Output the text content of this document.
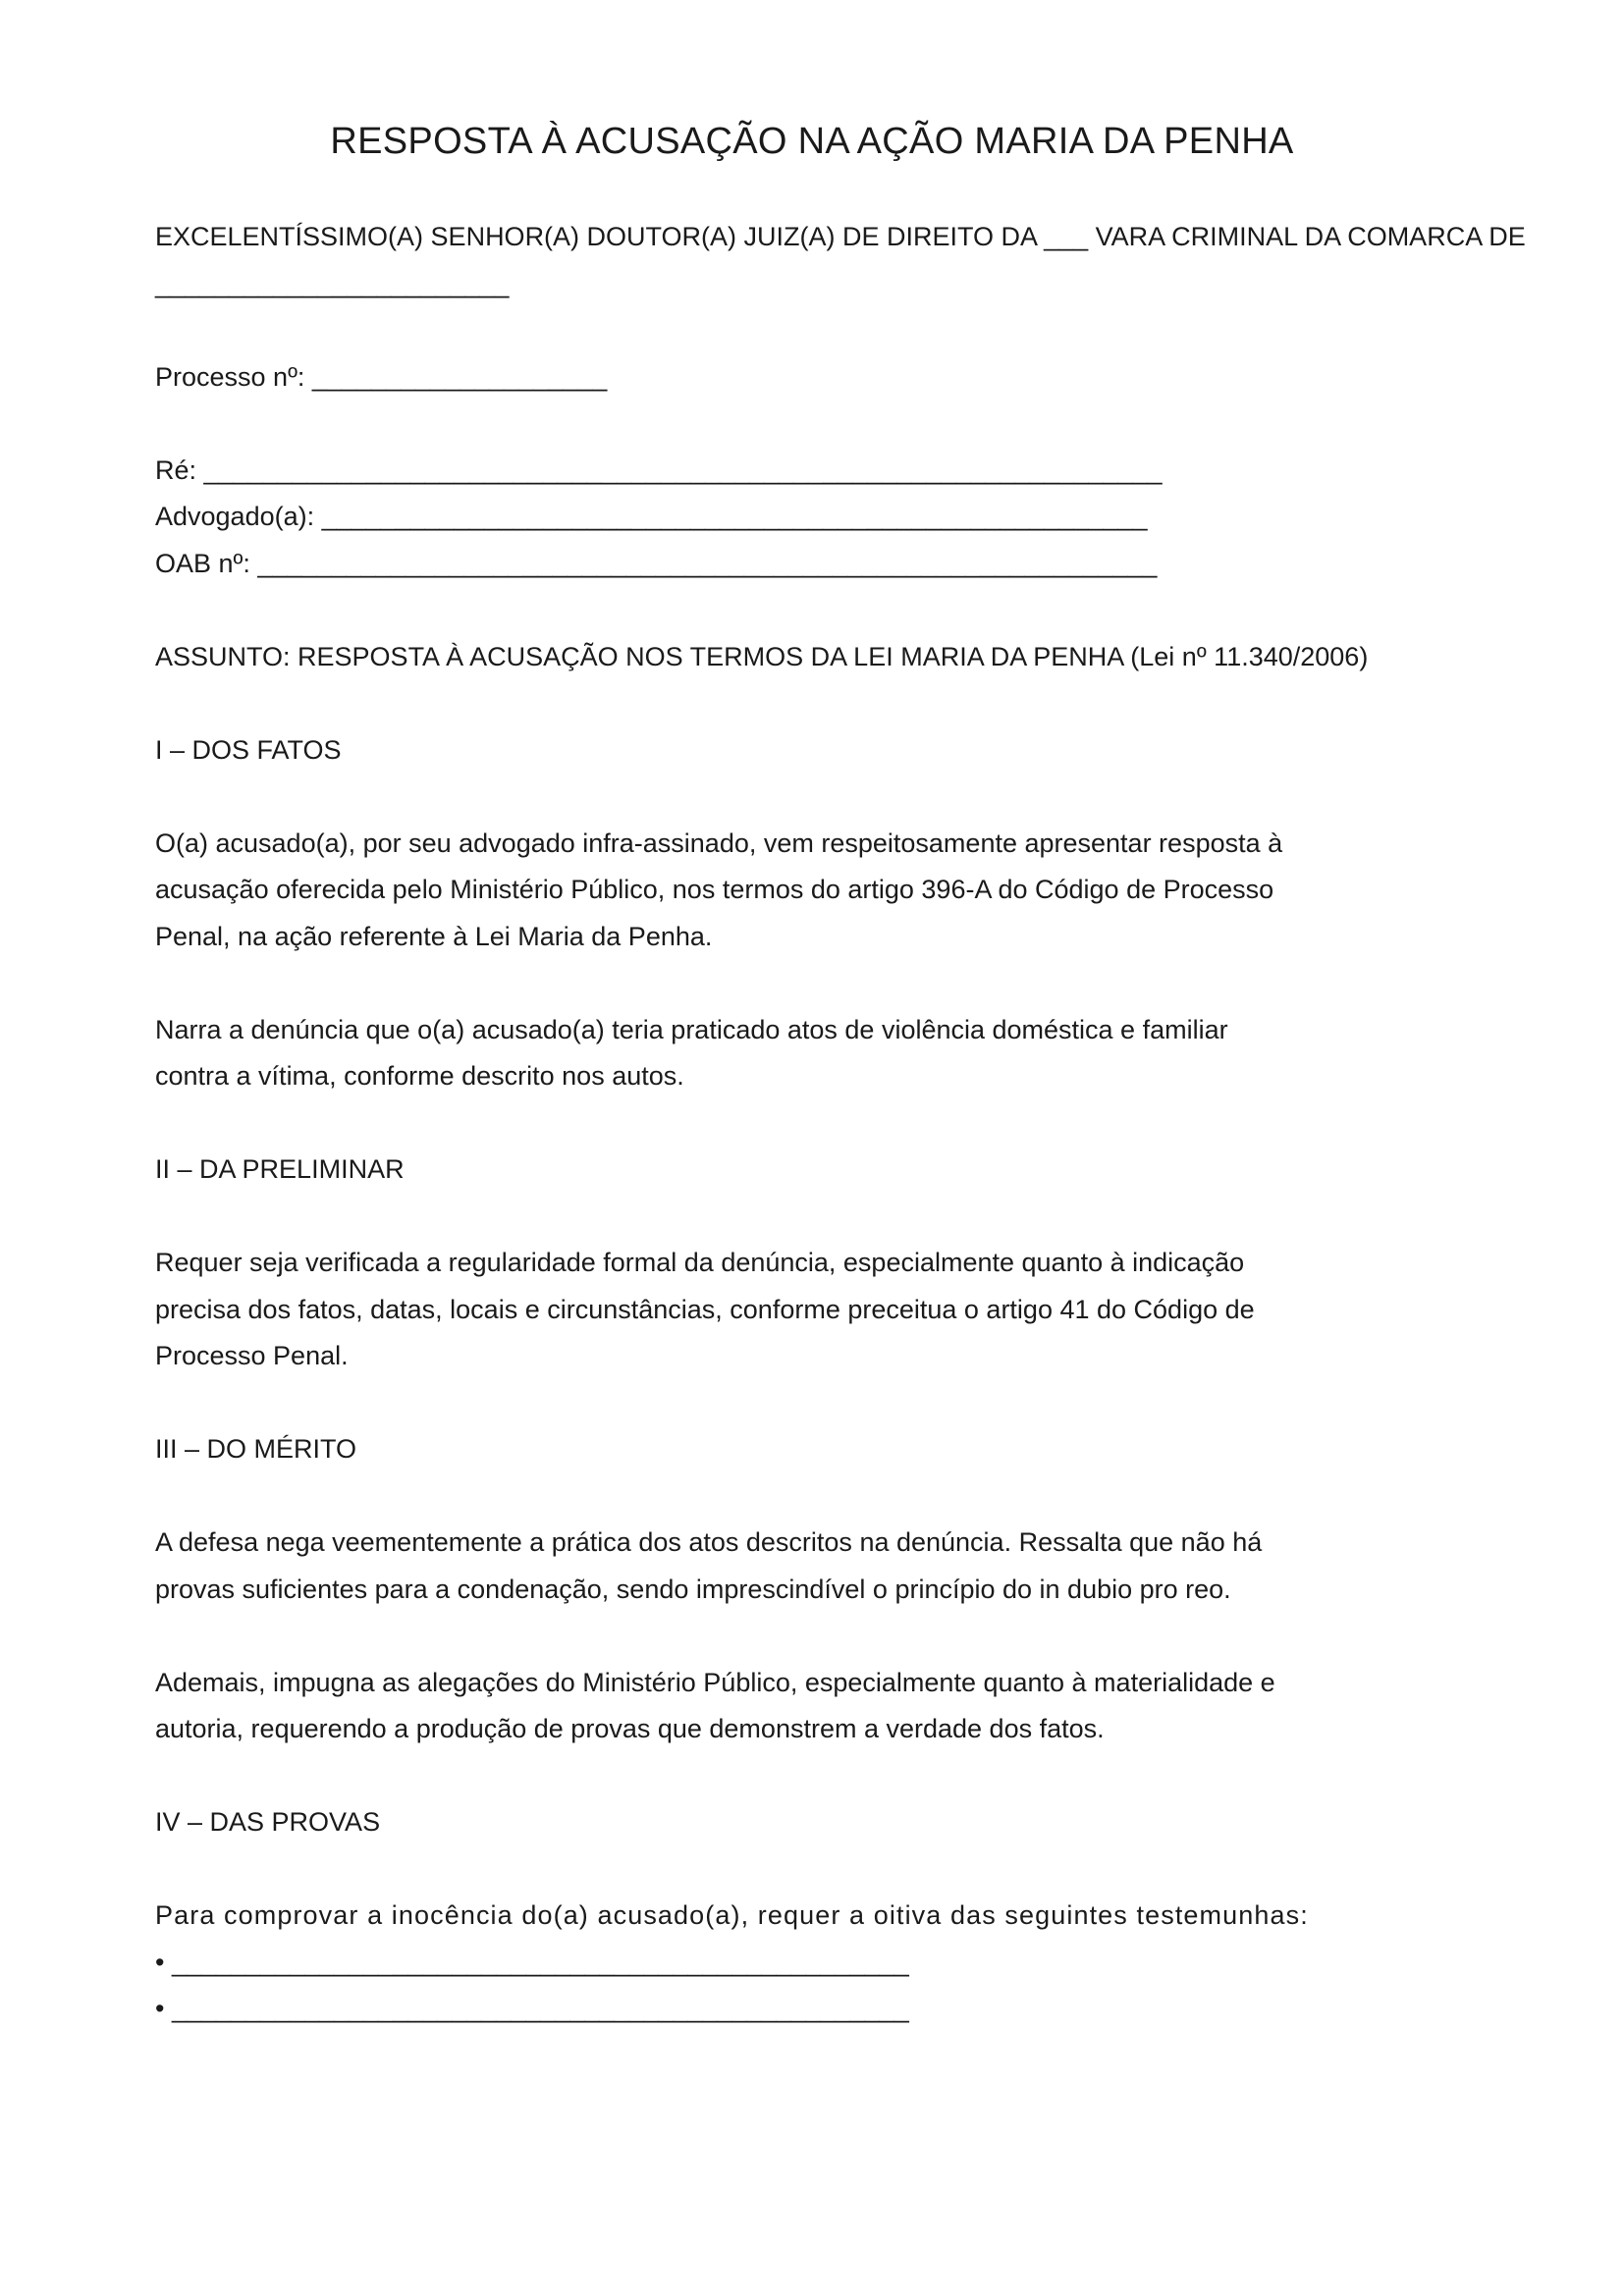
RESPOSTA À ACUSAÇÃO NA AÇÃO MARIA DA PENHA
EXCELENTÍSSIMO(A) SENHOR(A) DOUTOR(A) JUIZ(A) DE DIREITO DA ___ VARA CRIMINAL DA COMARCA DE
________________________
Processo nº: ____________________
Ré: _________________________________________________________________
Advogado(a): ________________________________________________________
OAB nº: _____________________________________________________________
ASSUNTO: RESPOSTA À ACUSAÇÃO NOS TERMOS DA LEI MARIA DA PENHA (Lei nº 11.340/2006)
I – DOS FATOS
O(a) acusado(a), por seu advogado infra-assinado, vem respeitosamente apresentar resposta à
acusação oferecida pelo Ministério Público, nos termos do artigo 396-A do Código de Processo
Penal, na ação referente à Lei Maria da Penha.
Narra a denúncia que o(a) acusado(a) teria praticado atos de violência doméstica e familiar
contra a vítima, conforme descrito nos autos.
II – DA PRELIMINAR
Requer seja verificada a regularidade formal da denúncia, especialmente quanto à indicação
precisa dos fatos, datas, locais e circunstâncias, conforme preceitua o artigo 41 do Código de
Processo Penal.
III – DO MÉRITO
A defesa nega veementemente a prática dos atos descritos na denúncia. Ressalta que não há
provas suficientes para a condenação, sendo imprescindível o princípio do in dubio pro reo.
Ademais, impugna as alegações do Ministério Público, especialmente quanto à materialidade e
autoria, requerendo a produção de provas que demonstrem a verdade dos fatos.
IV – DAS PROVAS
Para comprovar a inocência do(a) acusado(a), requer a oitiva das seguintes testemunhas:
• __________________________________________________
• __________________________________________________
